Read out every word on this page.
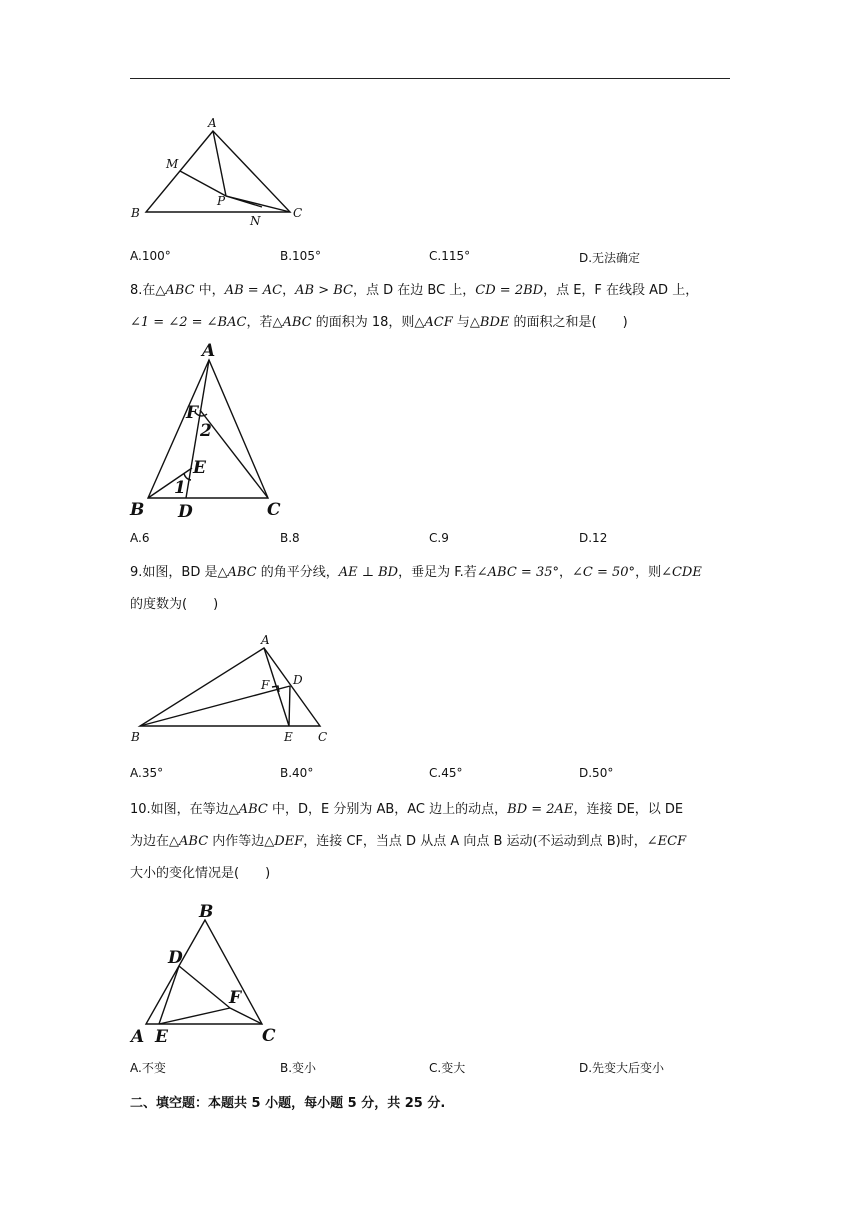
A
M
B
P
N
C
A.100°	B.105°	C.115°	D.无法确定
8.在△ABC 中，AB = AC，AB > BC，点 D 在边 BC 上，CD = 2BD，点 E，F 在线段 AD 上，
∠1 = ∠2 = ∠BAC，若△ABC 的面积为 18，则△ACF 与△BDE 的面积之和是(　　)
A
F
2
E
1
B D	C
A.6	B.8	C.9	D.12
9.如图，BD 是△ABC 的角平分线，AE ⊥ BD，垂足为 F.若∠ABC = 35°，∠C = 50°，则∠CDE
的度数为(　　)
A
F D
B	E C
A.35°	B.40°	C.45°	D.50°
10.如图，在等边△ABC 中，D，E 分别为 AB，AC 边上的动点，BD = 2AE，连接 DE，以 DE
为边在△ABC 内作等边△DEF，连接 CF，当点 D 从点 A 向点 B 运动(不运动到点 B)时，∠ECF
大小的变化情况是(　　)
B
D
F
A E	C
A.不变	B.变小	C.变大	D.先变大后变小
二、填空题：本题共 5 小题，每小题 5 分，共 25 分.
